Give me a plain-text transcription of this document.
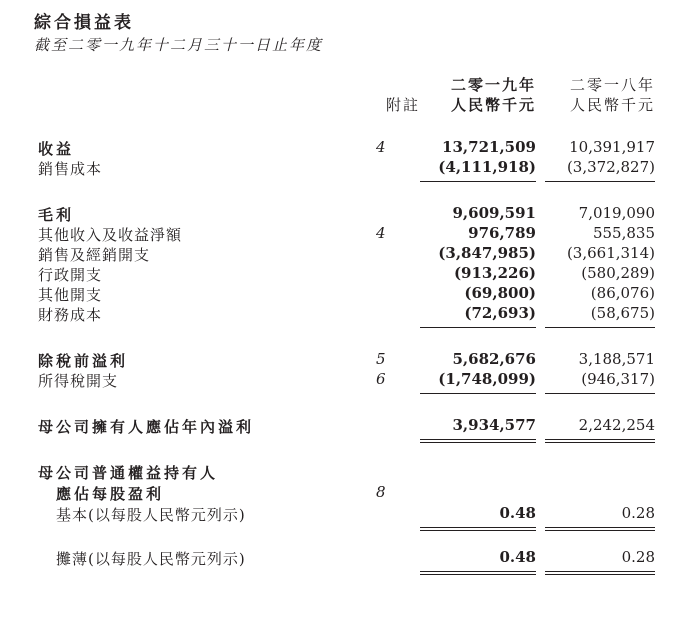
綜合損益表
截至二零一九年十二月三十一日止年度
附註
二零一九年
人民幣千元
二零一八年
人民幣千元
收益	4	13,721,509	10,391,917
銷售成本	(4,111,918)	(3,372,827)
毛利	9,609,591	7,019,090
其他收入及收益淨額	4	976,789	555,835
銷售及經銷開支	(3,847,985)	(3,661,314)
行政開支	(913,226)	(580,289)
其他開支	(69,800)	(86,076)
財務成本	(72,693)	(58,675)
除稅前溢利	5	5,682,676	3,188,571
所得稅開支	6	(1,748,099)	(946,317)
母公司擁有人應佔年內溢利	3,934,577	2,242,254
母公司普通權益持有人
應佔每股盈利	8
基本(以每股人民幣元列示)	0.48	0.28
攤薄(以每股人民幣元列示)	0.48	0.28
